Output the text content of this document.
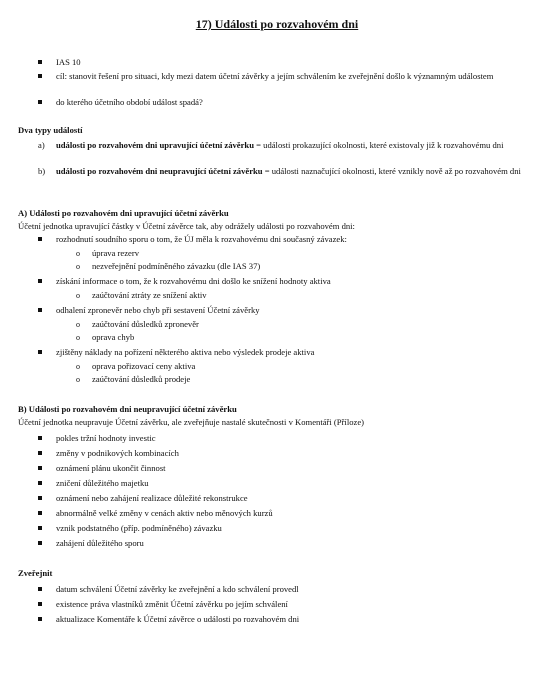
17) Události po rozvahovém dni
IAS 10
cíl: stanovit řešení pro situaci, kdy mezi datem účetní závěrky a jejím schválením ke zveřejnění došlo k významným událostem
do kterého účetního období událost spadá?
Dva typy událostí
a) události po rozvahovém dni upravující účetní závěrku = události prokazující okolnosti, které existovaly již k rozvahovému dni
b) události po rozvahovém dni neupravující účetní závěrku = události naznačující okolnosti, které vznikly nově až po rozvahovém dni
A) Události po rozvahovém dni upravující účetní závěrku
Účetní jednotka upravující částky v Účetní závěrce tak, aby odrážely události po rozvahovém dni:
rozhodnutí soudního sporu o tom, že ÚJ měla k rozvahovému dni současný závazek:
o úprava rezerv
o nezveřejnění podmíněného závazku (dle IAS 37)
získání informace o tom, že k rozvahovému dni došlo ke snížení hodnoty aktiva
o zaúčtování ztráty ze snížení aktiv
odhalení zpronevěr nebo chyb při sestavení Účetní závěrky
o zaúčtování důsledků zpronevěr
o oprava chyb
zjištěny náklady na pořízení některého aktiva nebo výsledek prodeje aktiva
o oprava pořizovací ceny aktiva
o zaúčtování důsledků prodeje
B) Události po rozvahovém dni neupravující účetní závěrku
Účetní jednotka neupravuje Účetní závěrku, ale zveřejňuje nastalé skutečnosti v Komentáři (Příloze)
pokles tržní hodnoty investic
změny v podnikových kombinacích
oznámení plánu ukončit činnost
zničení důležitého majetku
oznámení nebo zahájení realizace důležité rekonstrukce
abnormálně velké změny v cenách aktiv nebo měnových kurzů
vznik podstatného (příp. podmíněného) závazku
zahájení důležitého sporu
Zveřejnit
datum schválení Účetní závěrky ke zveřejnění a kdo schválení provedl
existence práva vlastníků změnit Účetní závěrku po jejím schválení
aktualizace Komentáře k Účetní závěrce o události po rozvahovém dni
